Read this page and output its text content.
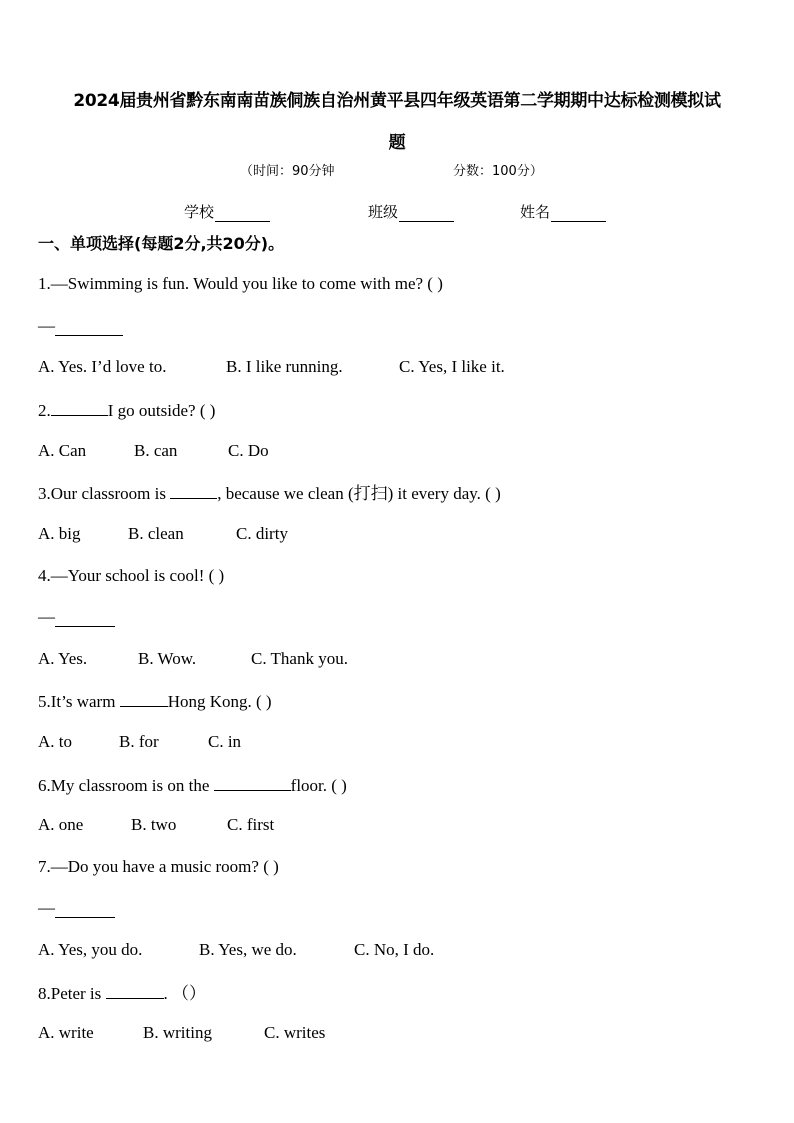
2024届贵州省黔东南南苗族侗族自治州黄平县四年级英语第二学期期中达标检测模拟试
题
（时间：90分钟	分数：100分）
学校	班级	姓名
一、单项选择(每题2分,共20分)。
1.—Swimming is fun. Would you like to come with me? ( )
—
A. Yes. I’d love to.	B. I like running.	C. Yes, I like it.
2.	I go outside? ( )
A. Can	B. can	C. Do
3.Our classroom is	, because we clean (打扫) it every day. ( )
A. big	B. clean	C. dirty
4.—Your school is cool! ( )
—
A. Yes.	B. Wow.	C. Thank you.
5.It’s warm	Hong Kong. ( )
A. to	B. for	C. in
6.My classroom is on the	floor. ( )
A. one	B. two	C. first
7.—Do you have a music room? ( )
—
A. Yes, you do.	B. Yes, we do.	C. No, I do.
8.Peter is	. （）
A. write	B. writing	C. writes
